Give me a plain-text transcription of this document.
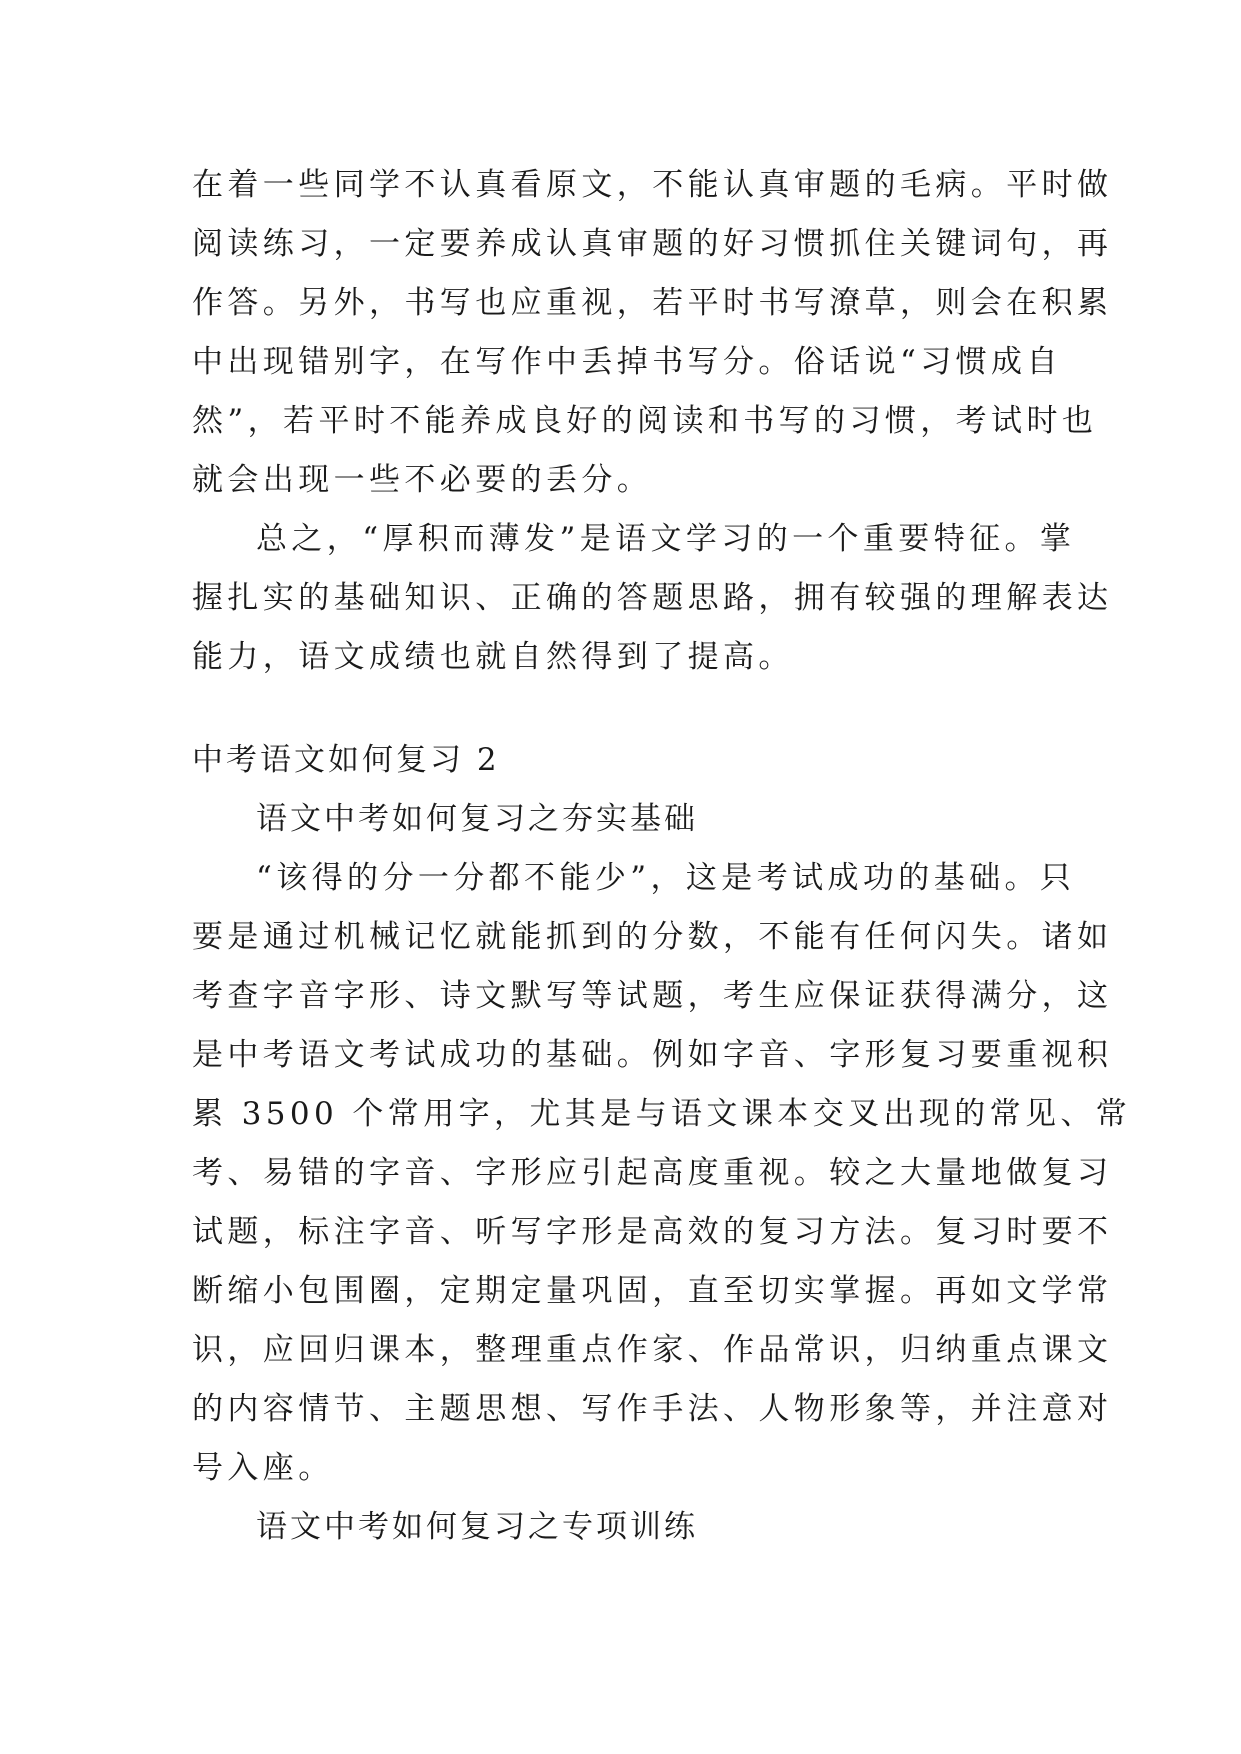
在着一些同学不认真看原文，不能认真审题的毛病。平时做
阅读练习，一定要养成认真审题的好习惯抓住关键词句，再
作答。另外，书写也应重视，若平时书写潦草，则会在积累
中出现错别字，在写作中丢掉书写分。俗话说“习惯成自
然”，若平时不能养成良好的阅读和书写的习惯，考试时也
就会出现一些不必要的丢分。
总之，“厚积而薄发”是语文学习的一个重要特征。掌
握扎实的基础知识、正确的答题思路，拥有较强的理解表达
能力，语文成绩也就自然得到了提高。
中考语文如何复习 2
语文中考如何复习之夯实基础
“该得的分一分都不能少”，这是考试成功的基础。只
要是通过机械记忆就能抓到的分数，不能有任何闪失。诸如
考查字音字形、诗文默写等试题，考生应保证获得满分，这
是中考语文考试成功的基础。例如字音、字形复习要重视积
累 3500 个常用字，尤其是与语文课本交叉出现的常见、常
考、易错的字音、字形应引起高度重视。较之大量地做复习
试题，标注字音、听写字形是高效的复习方法。复习时要不
断缩小包围圈，定期定量巩固，直至切实掌握。再如文学常
识，应回归课本，整理重点作家、作品常识，归纳重点课文
的内容情节、主题思想、写作手法、人物形象等，并注意对
号入座。
语文中考如何复习之专项训练
